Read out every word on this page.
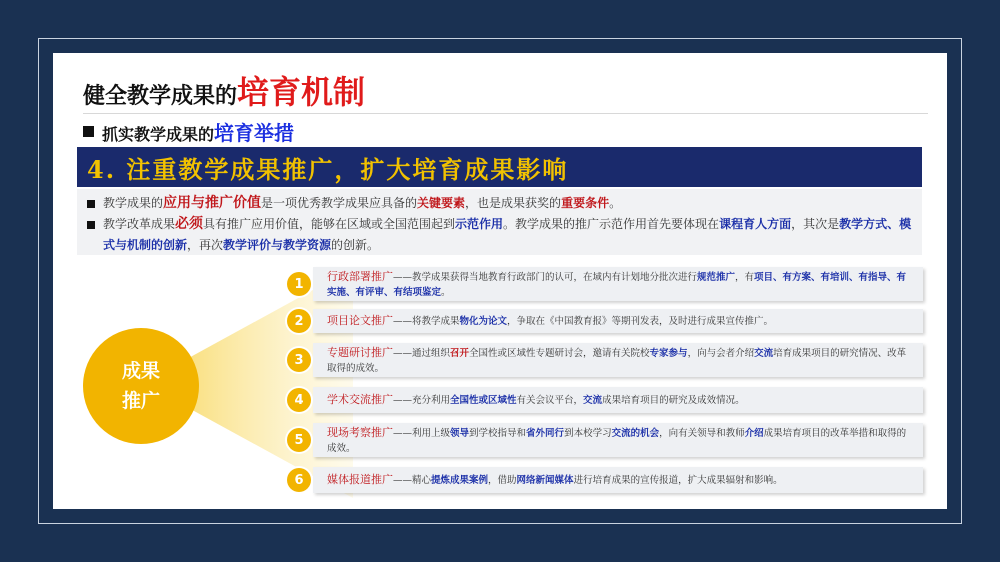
健全教学成果的 培育机制
抓实教学成果的 培育举措
4. 注重教学成果推广，扩大培育成果影响
教学成果的应用与推广价值是一项优秀教学成果应具备的关键要素，也是成果获奖的重要条件。
教学改革成果必须具有推广应用价值，能够在区域或全国范围起到示范作用。教学成果的推广示范作用首先要体现在课程育人方面，其次是教学方式、模式与机制的创新，再次教学评价与教学资源的创新。
成果
推广
行政部署推广——教学成果获得当地教育行政部门的认可，在域内有计划地分批次进行规范推广，有项目、有方案、有培训、有指导、有实施、有评审、有结项鉴定。
1
项目论文推广——将教学成果物化为论文，争取在《中国教育报》等期刊发表，及时进行成果宣传推广。
2
专题研讨推广——通过组织召开全国性或区域性专题研讨会，邀请有关院校专家参与，向与会者介绍交流培育成果项目的研究情况、改革取得的成效。
3
学术交流推广——充分利用全国性或区域性有关会议平台，交流成果培育项目的研究及成效情况。
4
现场考察推广——利用上级领导到学校指导和省外同行到本校学习交流的机会，向有关领导和教师介绍成果培育项目的改革举措和取得的成效。
5
媒体报道推广——精心提炼成果案例，借助网络新闻媒体进行培育成果的宣传报道，扩大成果辐射和影响。
6
